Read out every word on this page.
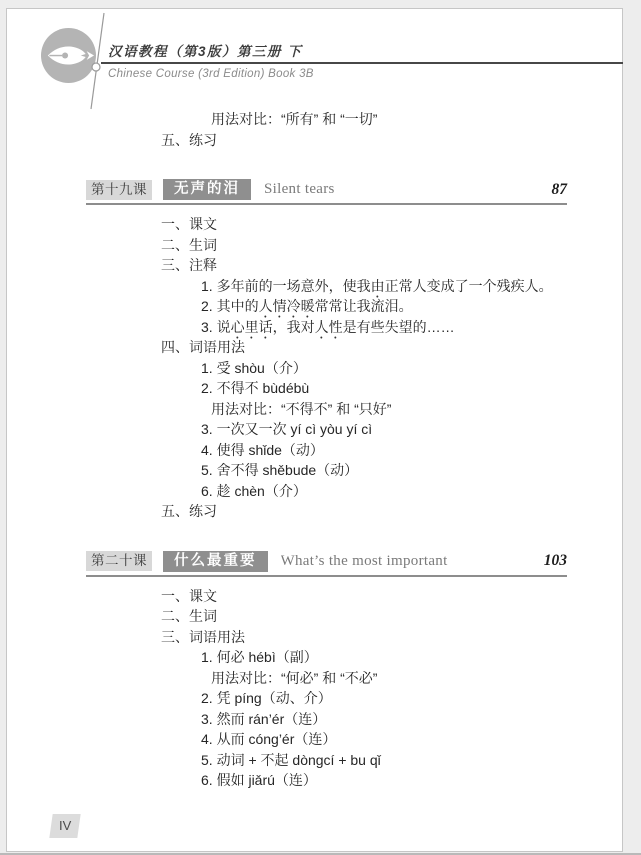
汉语教程（第3版）第三册 下
Chinese Course (3rd Edition) Book 3B
用法对比：“所有” 和 “一切”
五、练习
第十九课	无声的泪	Silent tears	87
一、课文
二、生词
三、注释
1. 多年前的一场意外，使我由正常人变成了一个残疾人。
2. 其中的人情冷暖常常让我流泪。
3. 说心里话，我对人性是有些失望的……
四、词语用法
1. 受 shòu（介）
2. 不得不 bùdébù
用法对比：“不得不” 和 “只好”
3. 一次又一次 yí cì yòu yí cì
4. 使得 shǐde（动）
5. 舍不得 shěbude（动）
6. 趁 chèn（介）
五、练习
第二十课	什么最重要	What’s the most important	103
一、课文
二、生词
三、词语用法
1. 何必 hébì（副）
用法对比：“何必” 和 “不必”
2. 凭 píng（动、介）
3. 然而 rán’ér（连）
4. 从而 cóng’ér（连）
5. 动词 + 不起 dòngcí + bu qǐ
6. 假如 jiǎrú（连）
IV
